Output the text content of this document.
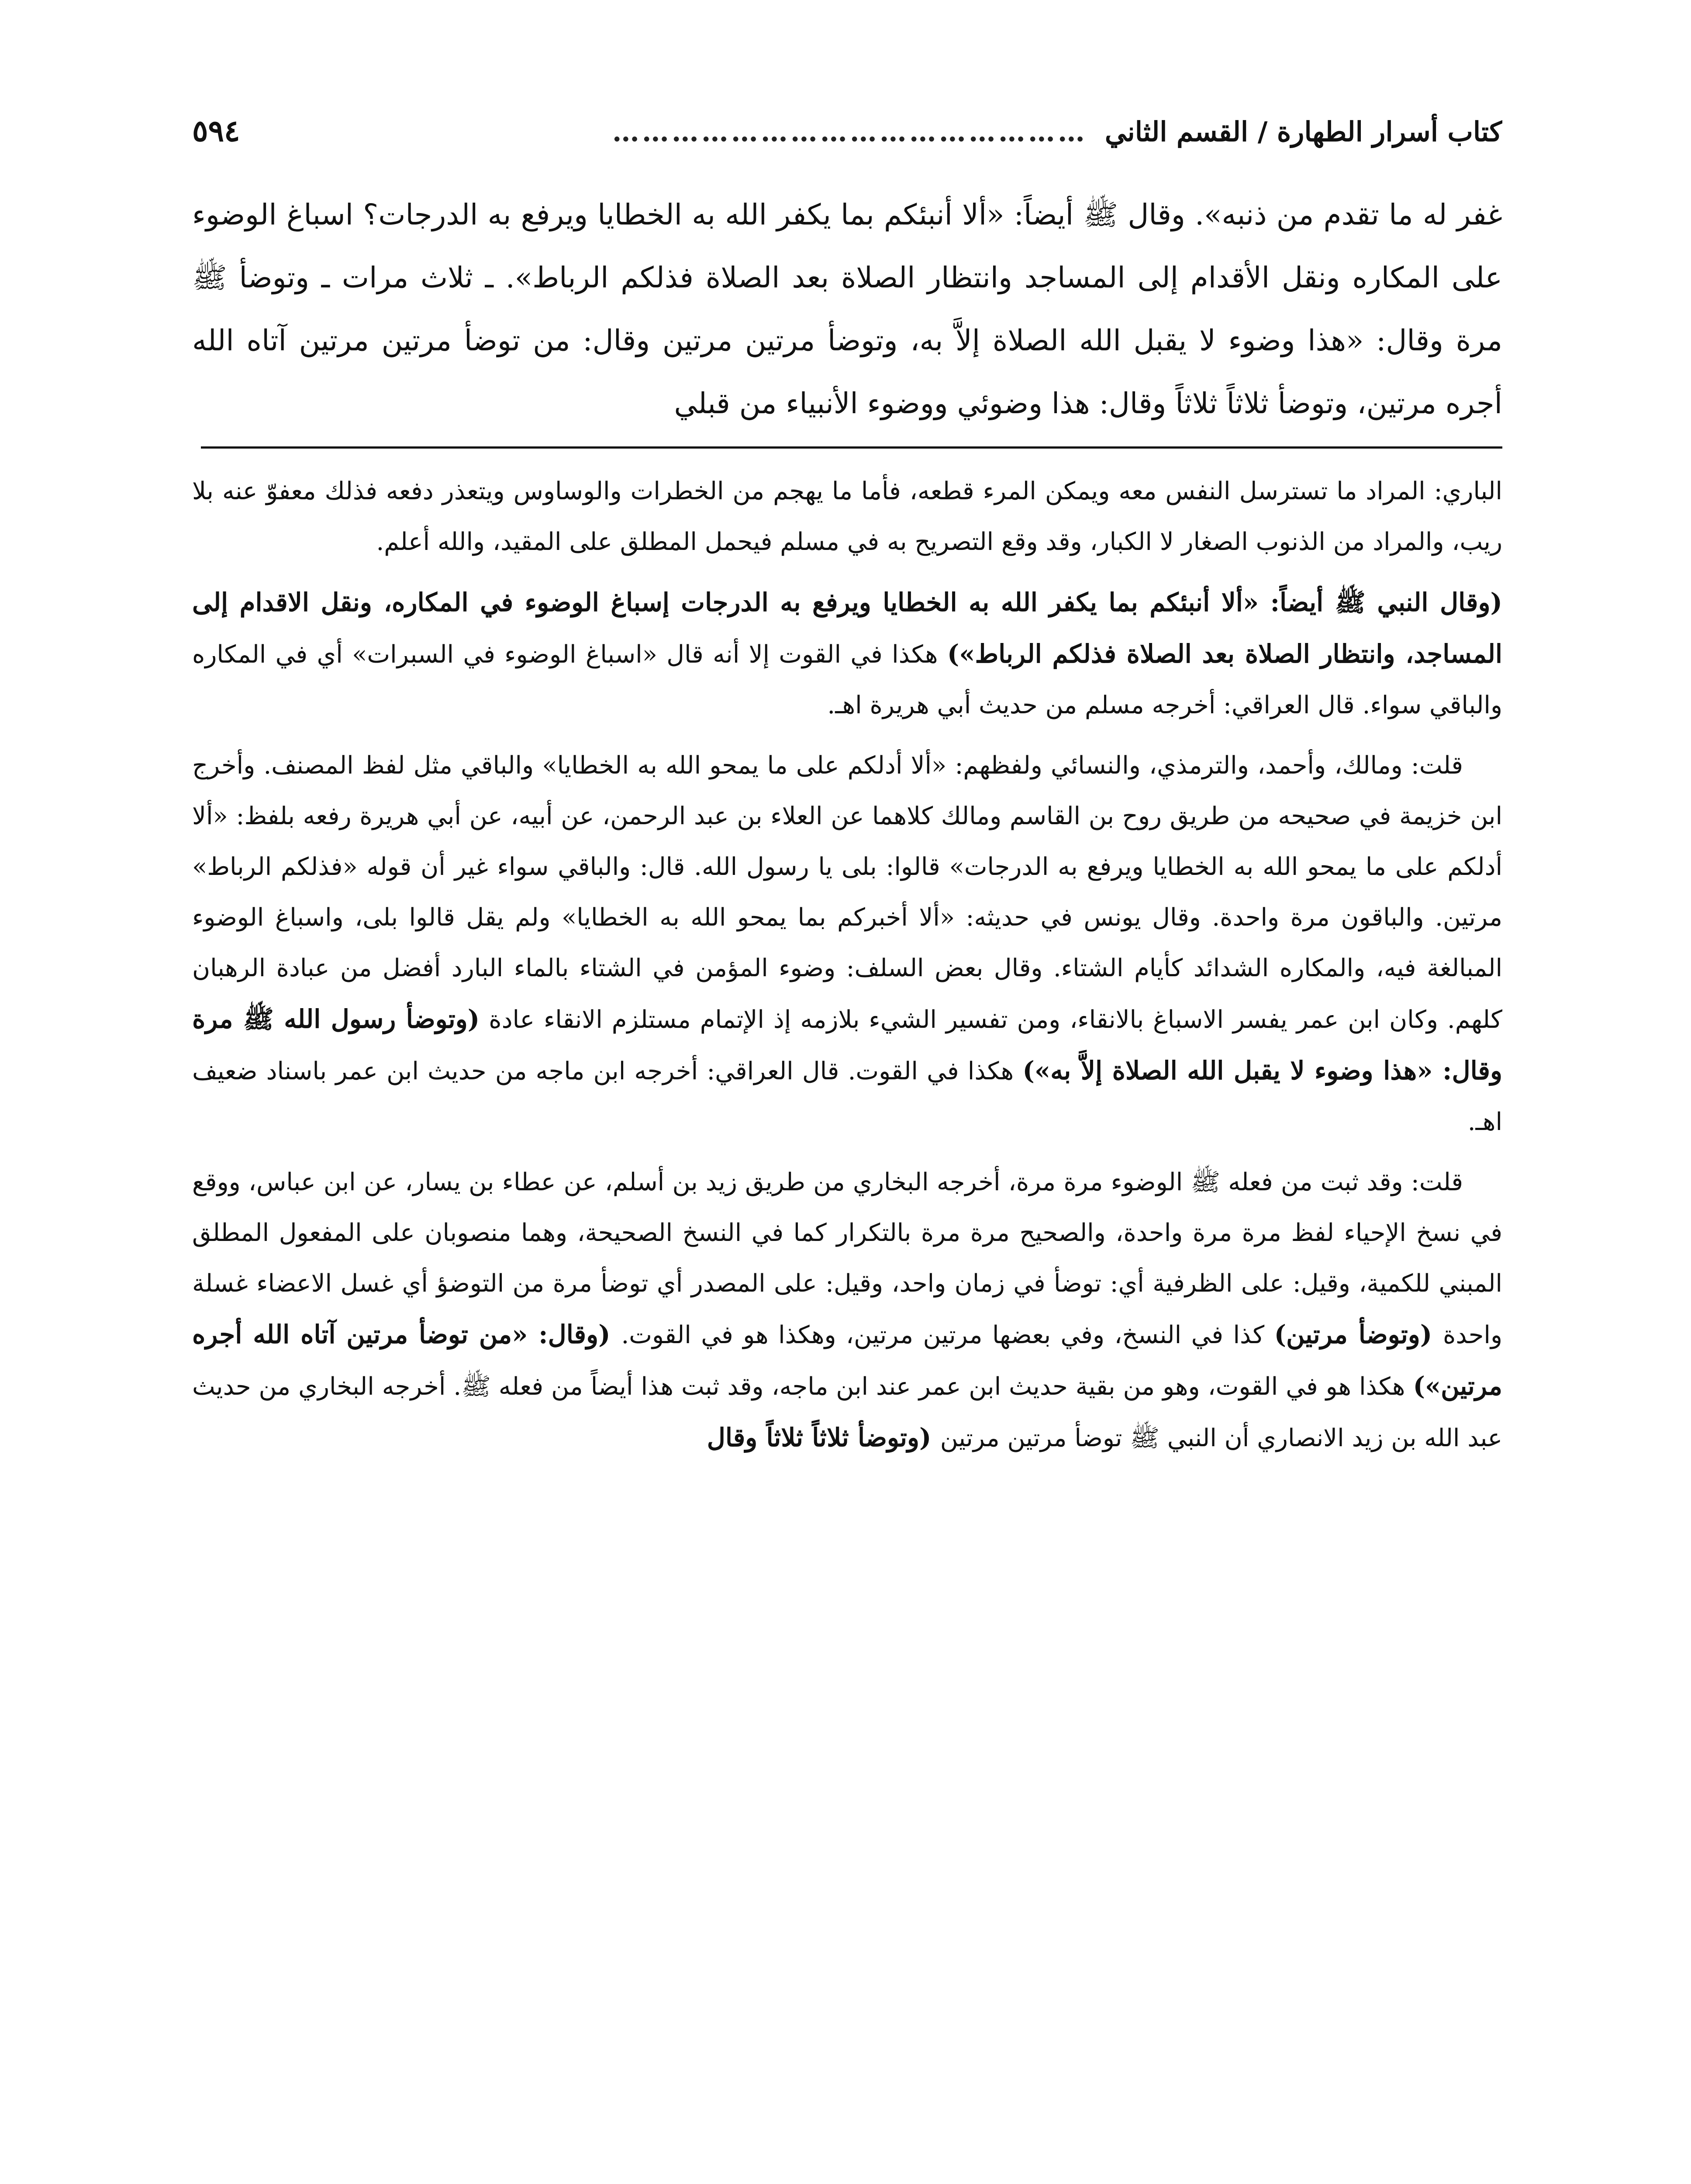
كتاب أسرار الطهارة / القسم الثاني
…………………………………………
٥٩٤

غفر له ما تقدم من ذنبه». وقال ﷺ أيضاً: «ألا أنبئكم بما يكفر الله به الخطايا ويرفع به الدرجات؟ اسباغ الوضوء على المكاره ونقل الأقدام إلى المساجد وانتظار الصلاة بعد الصلاة فذلكم الرباط». ـ ثلاث مرات ـ وتوضأ ﷺ مرة وقال: «هذا وضوء لا يقبل الله الصلاة إلاَّ به، وتوضأ مرتين مرتين وقال: من توضأ مرتين مرتين آتاه الله أجره مرتين، وتوضأ ثلاثاً ثلاثاً وقال: هذا وضوئي ووضوء الأنبياء من قبلي

الباري: المراد ما تسترسل النفس معه ويمكن المرء قطعه، فأما ما يهجم من الخطرات والوساوس ويتعذر دفعه فذلك معفوّ عنه بلا ريب، والمراد من الذنوب الصغار لا الكبار، وقد وقع التصريح به في مسلم فيحمل المطلق على المقيد، والله أعلم.

(وقال النبي ﷺ أيضاً: «ألا أنبئكم بما يكفر الله به الخطايا ويرفع به الدرجات إسباغ الوضوء في المكاره، ونقل الاقدام إلى المساجد، وانتظار الصلاة بعد الصلاة فذلكم الرباط») هكذا في القوت إلا أنه قال «اسباغ الوضوء في السبرات» أي في المكاره والباقي سواء. قال العراقي: أخرجه مسلم من حديث أبي هريرة اهـ.

قلت: ومالك، وأحمد، والترمذي، والنسائي ولفظهم: «ألا أدلكم على ما يمحو الله به الخطايا» والباقي مثل لفظ المصنف. وأخرج ابن خزيمة في صحيحه من طريق روح بن القاسم ومالك كلاهما عن العلاء بن عبد الرحمن، عن أبيه، عن أبي هريرة رفعه بلفظ: «ألا أدلكم على ما يمحو الله به الخطايا ويرفع به الدرجات» قالوا: بلى يا رسول الله. قال: والباقي سواء غير أن قوله «فذلكم الرباط» مرتين. والباقون مرة واحدة. وقال يونس في حديثه: «ألا أخبركم بما يمحو الله به الخطايا» ولم يقل قالوا بلى، واسباغ الوضوء المبالغة فيه، والمكاره الشدائد كأيام الشتاء. وقال بعض السلف: وضوء المؤمن في الشتاء بالماء البارد أفضل من عبادة الرهبان كلهم. وكان ابن عمر يفسر الاسباغ بالانقاء، ومن تفسير الشيء بلازمه إذ الإتمام مستلزم الانقاء عادة (وتوضأ رسول الله ﷺ مرة وقال: «هذا وضوء لا يقبل الله الصلاة إلاَّ به») هكذا في القوت. قال العراقي: أخرجه ابن ماجه من حديث ابن عمر باسناد ضعيف اهـ.

قلت: وقد ثبت من فعله ﷺ الوضوء مرة مرة، أخرجه البخاري من طريق زيد بن أسلم، عن عطاء بن يسار، عن ابن عباس، ووقع في نسخ الإحياء لفظ مرة مرة واحدة، والصحيح مرة مرة بالتكرار كما في النسخ الصحيحة، وهما منصوبان على المفعول المطلق المبني للكمية، وقيل: على الظرفية أي: توضأ في زمان واحد، وقيل: على المصدر أي توضأ مرة من التوضؤ أي غسل الاعضاء غسلة واحدة (وتوضأ مرتين) كذا في النسخ، وفي بعضها مرتين مرتين، وهكذا هو في القوت. (وقال: «من توضأ مرتين آتاه الله أجره مرتين») هكذا هو في القوت، وهو من بقية حديث ابن عمر عند ابن ماجه، وقد ثبت هذا أيضاً من فعله ﷺ. أخرجه البخاري من حديث عبد الله بن زيد الانصاري أن النبي ﷺ توضأ مرتين مرتين (وتوضأ ثلاثاً ثلاثاً وقال
